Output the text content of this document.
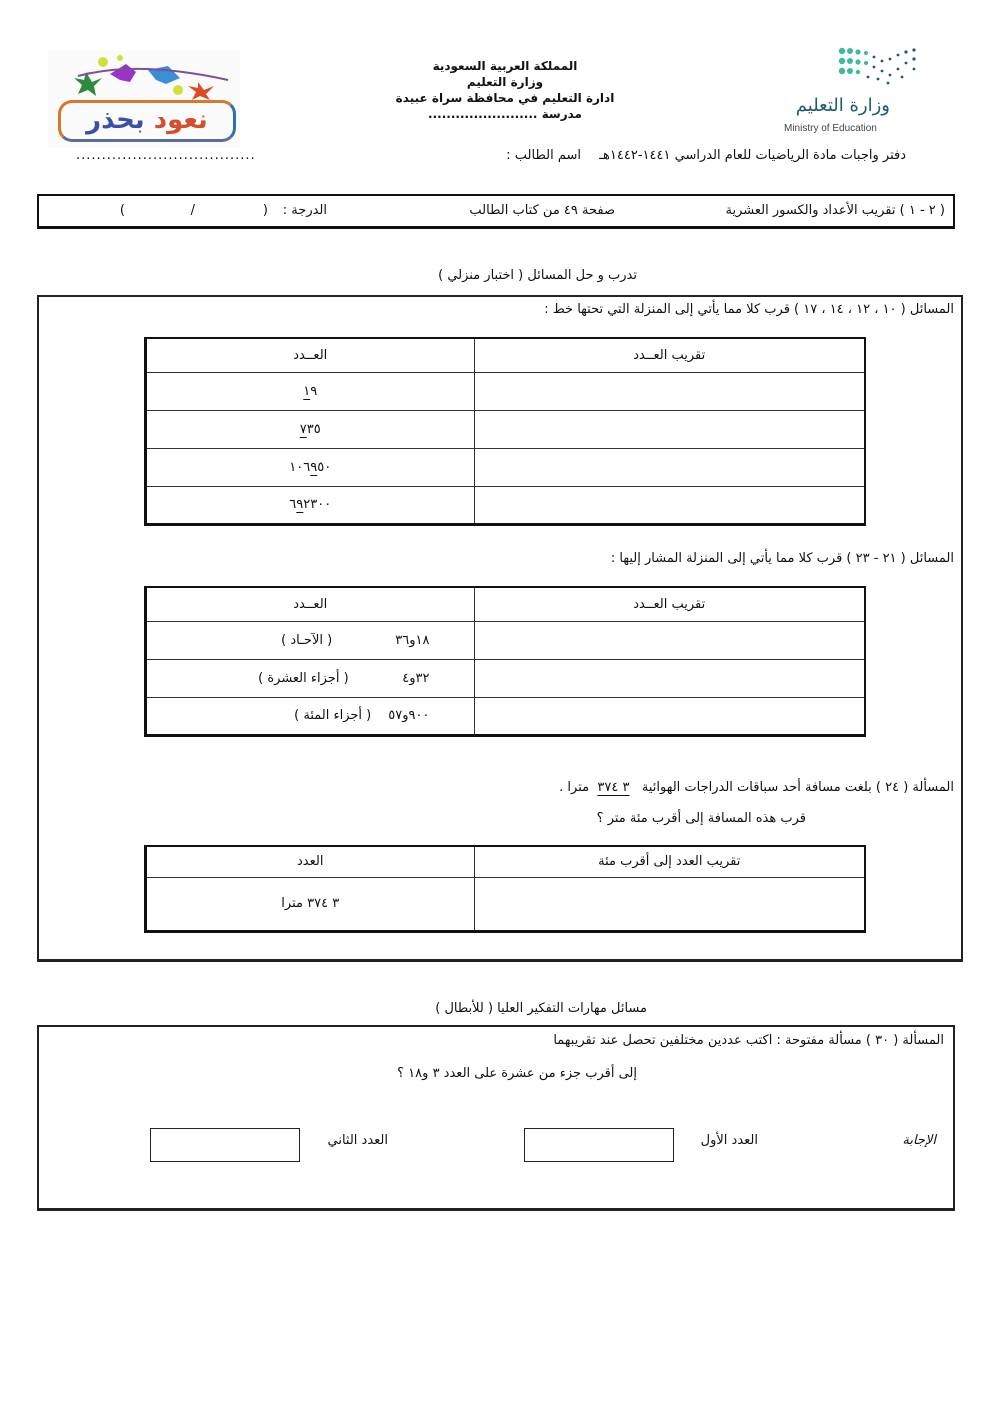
نعود بحذر
المملكة العربية السعودية
وزارة التعليم
ادارة التعليم في محافظة سراة عبيدة
مدرسة ........................	وزارة التعليم
Ministry of Education
دفتر واجبات مادة الرياضيات للعام الدراسي ١٤٤١-١٤٤٢هـ
اسم الطالب :
...................................
( ٢ - ١ ) تقريب الأعداد والكسور العشرية
صفحة ٤٩ من كتاب الطالب
الدرجة :
(
/
)
تدرب و حل المسائل ( اختبار منزلي )
المسائل ( ١٠ ، ١٢ ، ١٤ ، ١٧ ) قرب كلا مما يأتي إلى المنزلة التي تحتها خط :
تقريب العــدد	العــدد
	١٩
	٧٣٥
	١٠٦٩٥٠
	٦٩٢٣٠٠
المسائل ( ٢١ - ٢٣ ) قرب كلا مما يأتي إلى المنزلة المشار إليها :
تقريب العــدد	العــدد
	١٨و٣٦ ( الآحـاد )
	٣٢و٤ ( أجزاء العشرة )
	٩٠٠و٥٧ ( أجزاء المئة )
المسألة ( ٢٤ ) بلغت مسافة أحد سباقات الدراجات الهوائية   ٣ ٣٧٤  مترا .
قرب هذه المسافة إلى أقرب مئة متر ؟
تقريب العدد إلى أقرب مئة	العدد
	٣ ٣٧٤ مترا
مسائل مهارات التفكير العليا ( للأبطال )
المسألة ( ٣٠ ) مسألة مفتوحة : اكتب عددين مختلفين تحصل عند تقريبهما
إلى أقرب جزء من عشرة على العدد ٣ و١٨ ؟
الإجابة
العدد الأول
العدد الثاني
